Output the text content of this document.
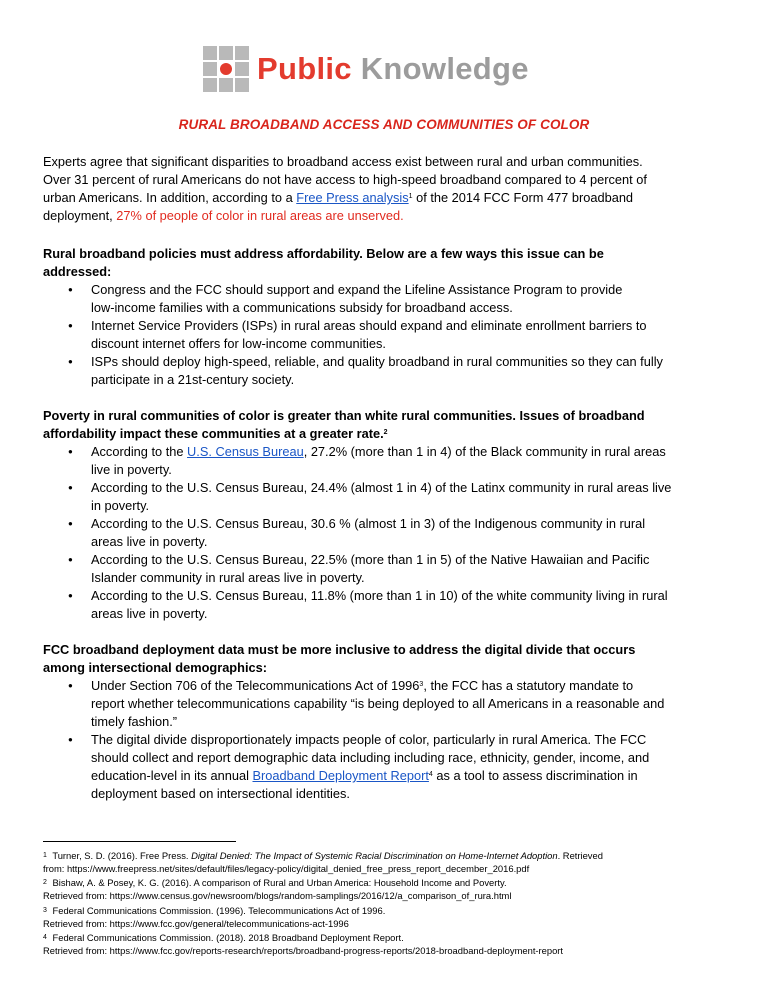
Public Knowledge
RURAL BROADBAND ACCESS AND COMMUNITIES OF COLOR
Experts agree that significant disparities to broadband access exist between rural and urban communities.
Over 31 percent of rural Americans do not have access to high-speed broadband compared to 4 percent of
urban Americans. In addition, according to a Free Press analysis$^1$ of the 2014 FCC Form 477 broadband
deployment, 27% of people of color in rural areas are unserved.
Rural broadband policies must address affordability. Below are a few ways this issue can be
addressed:
● Congress and the FCC should support and expand the Lifeline Assistance Program to provide
low-income families with a communications subsidy for broadband access.
● Internet Service Providers (ISPs) in rural areas should expand and eliminate enrollment barriers to
discount internet offers for low-income communities.
● ISPs should deploy high-speed, reliable, and quality broadband in rural communities so they can fully
participate in a 21st-century society.
Poverty in rural communities of color is greater than white rural communities. Issues of broadband
affordability impact these communities at a greater rate.$^2$
● According to the U.S. Census Bureau, 27.2% (more than 1 in 4) of the Black community in rural areas
live in poverty.
● According to the U.S. Census Bureau, 24.4% (almost 1 in 4) of the Latinx community in rural areas live
in poverty.
● According to the U.S. Census Bureau, 30.6 % (almost 1 in 3) of the Indigenous community in rural
areas live in poverty.
● According to the U.S. Census Bureau, 22.5% (more than 1 in 5) of the Native Hawaiian and Pacific
Islander community in rural areas live in poverty.
● According to the U.S. Census Bureau, 11.8% (more than 1 in 10) of the white community living in rural
areas live in poverty.
FCC broadband deployment data must be more inclusive to address the digital divide that occurs
among intersectional demographics:
● Under Section 706 of the Telecommunications Act of 1996$^3$, the FCC has a statutory mandate to
report whether telecommunications capability “is being deployed to all Americans in a reasonable and
timely fashion.”
● The digital divide disproportionately impacts people of color, particularly in rural America. The FCC
should collect and report demographic data including including race, ethnicity, gender, income, and
education-level in its annual Broadband Deployment Report$^4$ as a tool to assess discrimination in
deployment based on intersectional identities.
$^1$ Turner, S. D. (2016). Free Press. Digital Denied: The Impact of Systemic Racial Discrimination on Home-Internet Adoption. Retrieved
from: https://www.freepress.net/sites/default/files/legacy-policy/digital_denied_free_press_report_december_2016.pdf
$^2$ Bishaw, A. & Posey, K. G. (2016). A comparison of Rural and Urban America: Household Income and Poverty.
Retrieved from: https://www.census.gov/newsroom/blogs/random-samplings/2016/12/a_comparison_of_rura.html
$^3$ Federal Communications Commission. (1996). Telecommunications Act of 1996.
Retrieved from: https://www.fcc.gov/general/telecommunications-act-1996
$^4$ Federal Communications Commission. (2018). 2018 Broadband Deployment Report.
Retrieved from: https://www.fcc.gov/reports-research/reports/broadband-progress-reports/2018-broadband-deployment-report
